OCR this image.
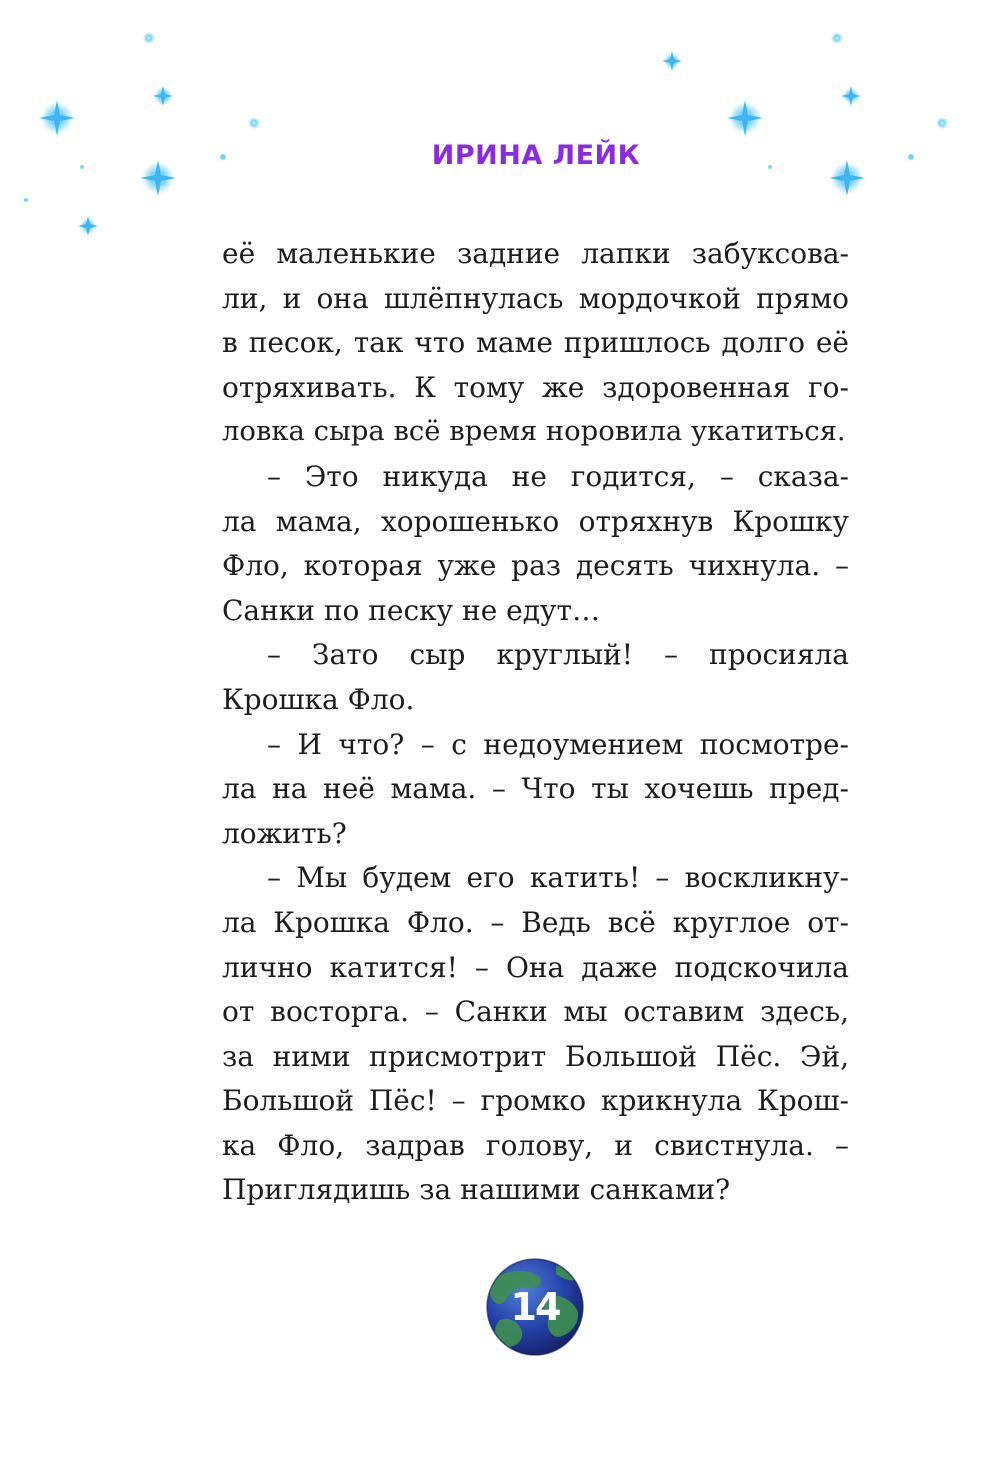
ИРИНА ЛЕЙК

её маленькие задние лапки забуксова-
ли, и она шлёпнулась мордочкой прямо
в песок, так что маме пришлось долго её
отряхивать. К тому же здоровенная го-
ловка сыра всё время норовила укатиться.

– Это никуда не годится, – сказа-
ла мама, хорошенько отряхнув Крошку
Фло, которая уже раз десять чихнула. –
Санки по песку не едут…

– Зато сыр круглый! – просияла
Крошка Фло.

– И что? – с недоумением посмотре-
ла на неё мама. – Что ты хочешь пред-
ложить?

– Мы будем его катить! – воскликну-
ла Крошка Фло. – Ведь всё круглое от-
лично катится! – Она даже подскочила
от восторга. – Санки мы оставим здесь,
за ними присмотрит Большой Пёс. Эй,
Большой Пёс! – громко крикнула Крош-
ка Фло, задрав голову, и свистнула. –
Приглядишь за нашими санками?

14
